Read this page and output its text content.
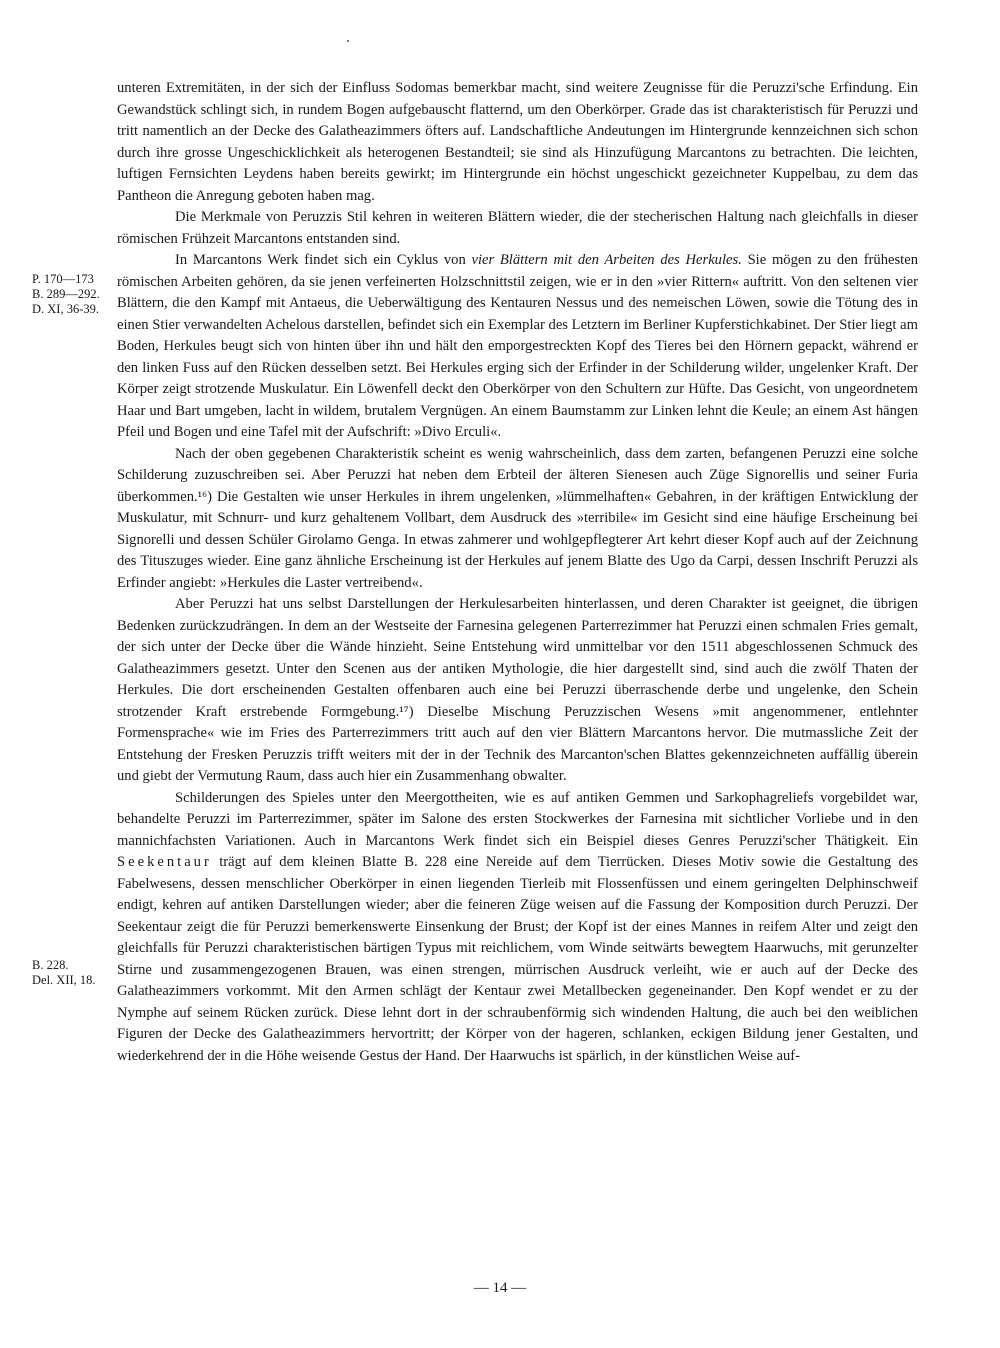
P. 170—173
B. 289—292.
D. XI, 36-39.
B. 228.
Del. XII, 18.

unteren Extremitäten, in der sich der Einfluss Sodomas bemerkbar macht, sind weitere Zeugnisse für die Peruzzi'sche Erfindung. Ein Gewandstück schlingt sich, in rundem Bogen aufgebauscht flatternd, um den Oberkörper. Grade das ist charakteristisch für Peruzzi und tritt namentlich an der Decke des Galatheazimmers öfters auf. Landschaftliche Andeutungen im Hintergrunde kennzeichnen sich schon durch ihre grosse Ungeschicklichkeit als heterogenen Bestandteil; sie sind als Hinzufügung Marcantons zu betrachten. Die leichten, luftigen Fernsichten Leydens haben bereits gewirkt; im Hintergrunde ein höchst ungeschickt gezeichneter Kuppelbau, zu dem das Pantheon die Anregung geboten haben mag.

Die Merkmale von Peruzzis Stil kehren in weiteren Blättern wieder, die der stecherischen Haltung nach gleichfalls in dieser römischen Frühzeit Marcantons entstanden sind.

In Marcantons Werk findet sich ein Cyklus von vier Blättern mit den Arbeiten des Herkules. Sie mögen zu den frühesten römischen Arbeiten gehören, da sie jenen verfeinerten Holzschnittstil zeigen, wie er in den »vier Rittern« auftritt. Von den seltenen vier Blättern, die den Kampf mit Antaeus, die Ueberwältigung des Kentauren Nessus und des nemeischen Löwen, sowie die Tötung des in einen Stier verwandelten Achelous darstellen, befindet sich ein Exemplar des Letztern im Berliner Kupferstichkabinet. Der Stier liegt am Boden, Herkules beugt sich von hinten über ihn und hält den emporgestreckten Kopf des Tieres bei den Hörnern gepackt, während er den linken Fuss auf den Rücken desselben setzt. Bei Herkules erging sich der Erfinder in der Schilderung wilder, ungelenker Kraft. Der Körper zeigt strotzende Muskulatur. Ein Löwenfell deckt den Oberkörper von den Schultern zur Hüfte. Das Gesicht, von ungeordnetem Haar und Bart umgeben, lacht in wildem, brutalem Vergnügen. An einem Baumstamm zur Linken lehnt die Keule; an einem Ast hängen Pfeil und Bogen und eine Tafel mit der Aufschrift: »Divo Erculi«.

Nach der oben gegebenen Charakteristik scheint es wenig wahrscheinlich, dass dem zarten, befangenen Peruzzi eine solche Schilderung zuzuschreiben sei. Aber Peruzzi hat neben dem Erbteil der älteren Sienesen auch Züge Signorellis und seiner Furia überkommen.¹⁶) Die Gestalten wie unser Herkules in ihrem ungelenken, »lümmelhaften« Gebahren, in der kräftigen Entwicklung der Muskulatur, mit Schnurr- und kurz gehaltenem Vollbart, dem Ausdruck des »terribile« im Gesicht sind eine häufige Erscheinung bei Signorelli und dessen Schüler Girolamo Genga. In etwas zahmerer und wohlgepflegterer Art kehrt dieser Kopf auch auf der Zeichnung des Tituszuges wieder. Eine ganz ähnliche Erscheinung ist der Herkules auf jenem Blatte des Ugo da Carpi, dessen Inschrift Peruzzi als Erfinder angiebt: »Herkules die Laster vertreibend«.

Aber Peruzzi hat uns selbst Darstellungen der Herkulesarbeiten hinterlassen, und deren Charakter ist geeignet, die übrigen Bedenken zurückzudrängen. In dem an der Westseite der Farnesina gelegenen Parterrezimmer hat Peruzzi einen schmalen Fries gemalt, der sich unter der Decke über die Wände hinzieht. Seine Entstehung wird unmittelbar vor den 1511 abgeschlossenen Schmuck des Galatheazimmers gesetzt. Unter den Scenen aus der antiken Mythologie, die hier dargestellt sind, sind auch die zwölf Thaten der Herkules. Die dort erscheinenden Gestalten offenbaren auch eine bei Peruzzi überraschende derbe und ungelenke, den Schein strotzender Kraft erstrebende Formgebung.¹⁷) Dieselbe Mischung Peruzzischen Wesens »mit angenommener, entlehnter Formensprache« wie im Fries des Parterrezimmers tritt auch auf den vier Blättern Marcantons hervor. Die mutmassliche Zeit der Entstehung der Fresken Peruzzis trifft weiters mit der in der Technik des Marcanton'schen Blattes gekennzeichneten auffällig überein und giebt der Vermutung Raum, dass auch hier ein Zusammenhang obwalter.

Schilderungen des Spieles unter den Meergottheiten, wie es auf antiken Gemmen und Sarkophagreliefs vorgebildet war, behandelte Peruzzi im Parterrezimmer, später im Salone des ersten Stockwerkes der Farnesina mit sichtlicher Vorliebe und in den mannichfachsten Variationen. Auch in Marcantons Werk findet sich ein Beispiel dieses Genres Peruzzi'scher Thätigkeit. Ein Seekentaur trägt auf dem kleinen Blatte B. 228 eine Nereide auf dem Tierrücken. Dieses Motiv sowie die Gestaltung des Fabelwesens, dessen menschlicher Oberkörper in einen liegenden Tierleib mit Flossenfüssen und einem geringelten Delphinschweif endigt, kehren auf antiken Darstellungen wieder; aber die feineren Züge weisen auf die Fassung der Komposition durch Peruzzi. Der Seekentaur zeigt die für Peruzzi bemerkenswerte Einsenkung der Brust; der Kopf ist der eines Mannes in reifem Alter und zeigt den gleichfalls für Peruzzi charakteristischen bärtigen Typus mit reichlichem, vom Winde seitwärts bewegtem Haarwuchs, mit gerunzelter Stirne und zusammengezogenen Brauen, was einen strengen, mürrischen Ausdruck verleiht, wie er auch auf der Decke des Galatheazimmers vorkommt. Mit den Armen schlägt der Kentaur zwei Metallbecken gegeneinander. Den Kopf wendet er zu der Nymphe auf seinem Rücken zurück. Diese lehnt dort in der schraubenförmig sich windenden Haltung, die auch bei den weiblichen Figuren der Decke des Galatheazimmers hervortritt; der Körper von der hageren, schlanken, eckigen Bildung jener Gestalten, und wiederkehrend der in die Höhe weisende Gestus der Hand. Der Haarwuchs ist spärlich, in der künstlichen Weise auf-

— 14 —
